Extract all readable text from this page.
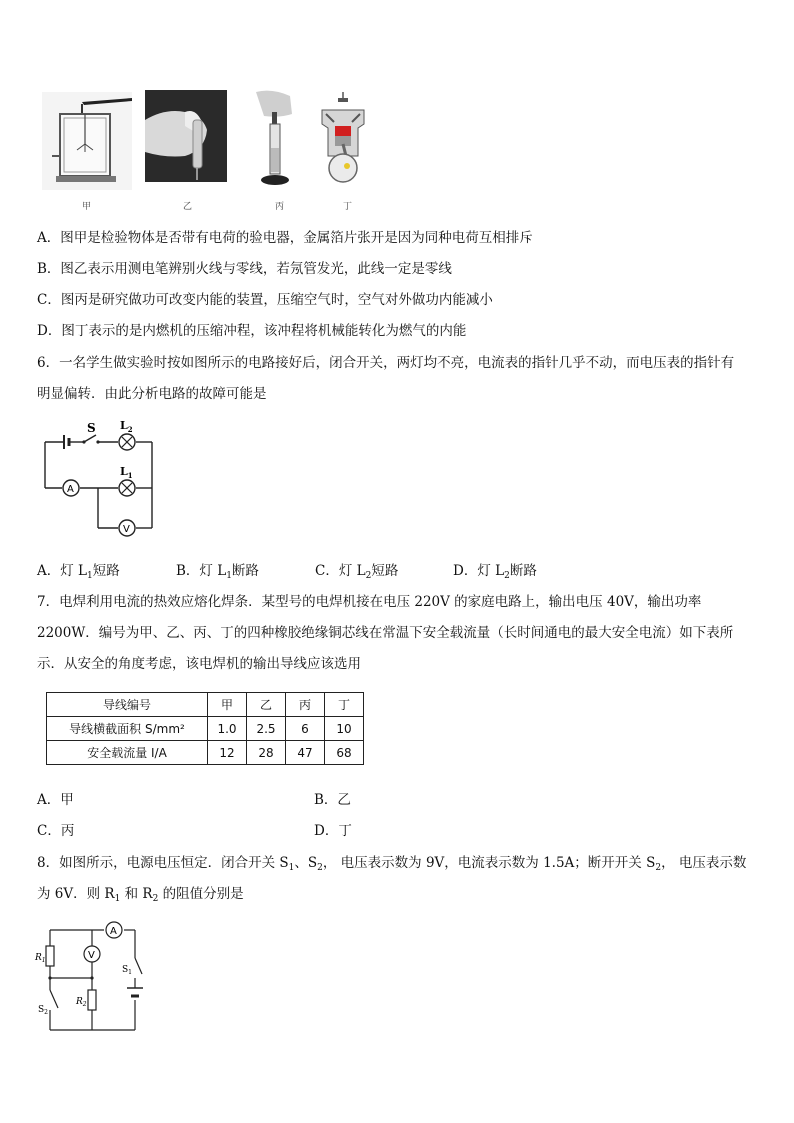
甲	乙	丙	丁
A．图甲是检验物体是否带有电荷的验电器，金属箔片张开是因为同种电荷互相排斥
B．图乙表示用测电笔辨别火线与零线，若氖管发光，此线一定是零线
C．图丙是研究做功可改变内能的装置，压缩空气时，空气对外做功内能减小
D．图丁表示的是内燃机的压缩冲程，该冲程将机械能转化为燃气的内能
6．一名学生做实验时按如图所示的电路接好后，闭合开关，两灯均不亮，电流表的指针几乎不动，而电压表的指针有
明显偏转．由此分析电路的故障可能是
S $L_2$
$L_1$
A
V
A．灯 $L_1$短路	B．灯 $L_1$断路	C．灯 $L_2$短路	D．灯 $L_2$断路
7．电焊利用电流的热效应熔化焊条．某型号的电焊机接在电压 220V 的家庭电路上，输出电压 40V，输出功率
2200W．编号为甲、乙、丙、丁的四种橡胶绝缘铜芯线在常温下安全载流量（长时间通电的最大安全电流）如下表所
示．从安全的角度考虑，该电焊机的输出导线应该选用
导线编号	甲	乙	丙	丁
导线横截面积 S/mm²	1.0	2.5	6	10
安全载流量 I/A	12	28	47	68
A．甲	B．乙
C．丙	D．丁
8．如图所示，电源电压恒定．闭合开关 $S_1$、$S_2$， 电压表示数为 9V，电流表示数为 1.5A；断开开关 $S_2$， 电压表示数
为 6V．则 $R_1$ 和 $R_2$ 的阻值分别是
A
V
$R_1$
$R_2$
$S_1$
$S_2$
